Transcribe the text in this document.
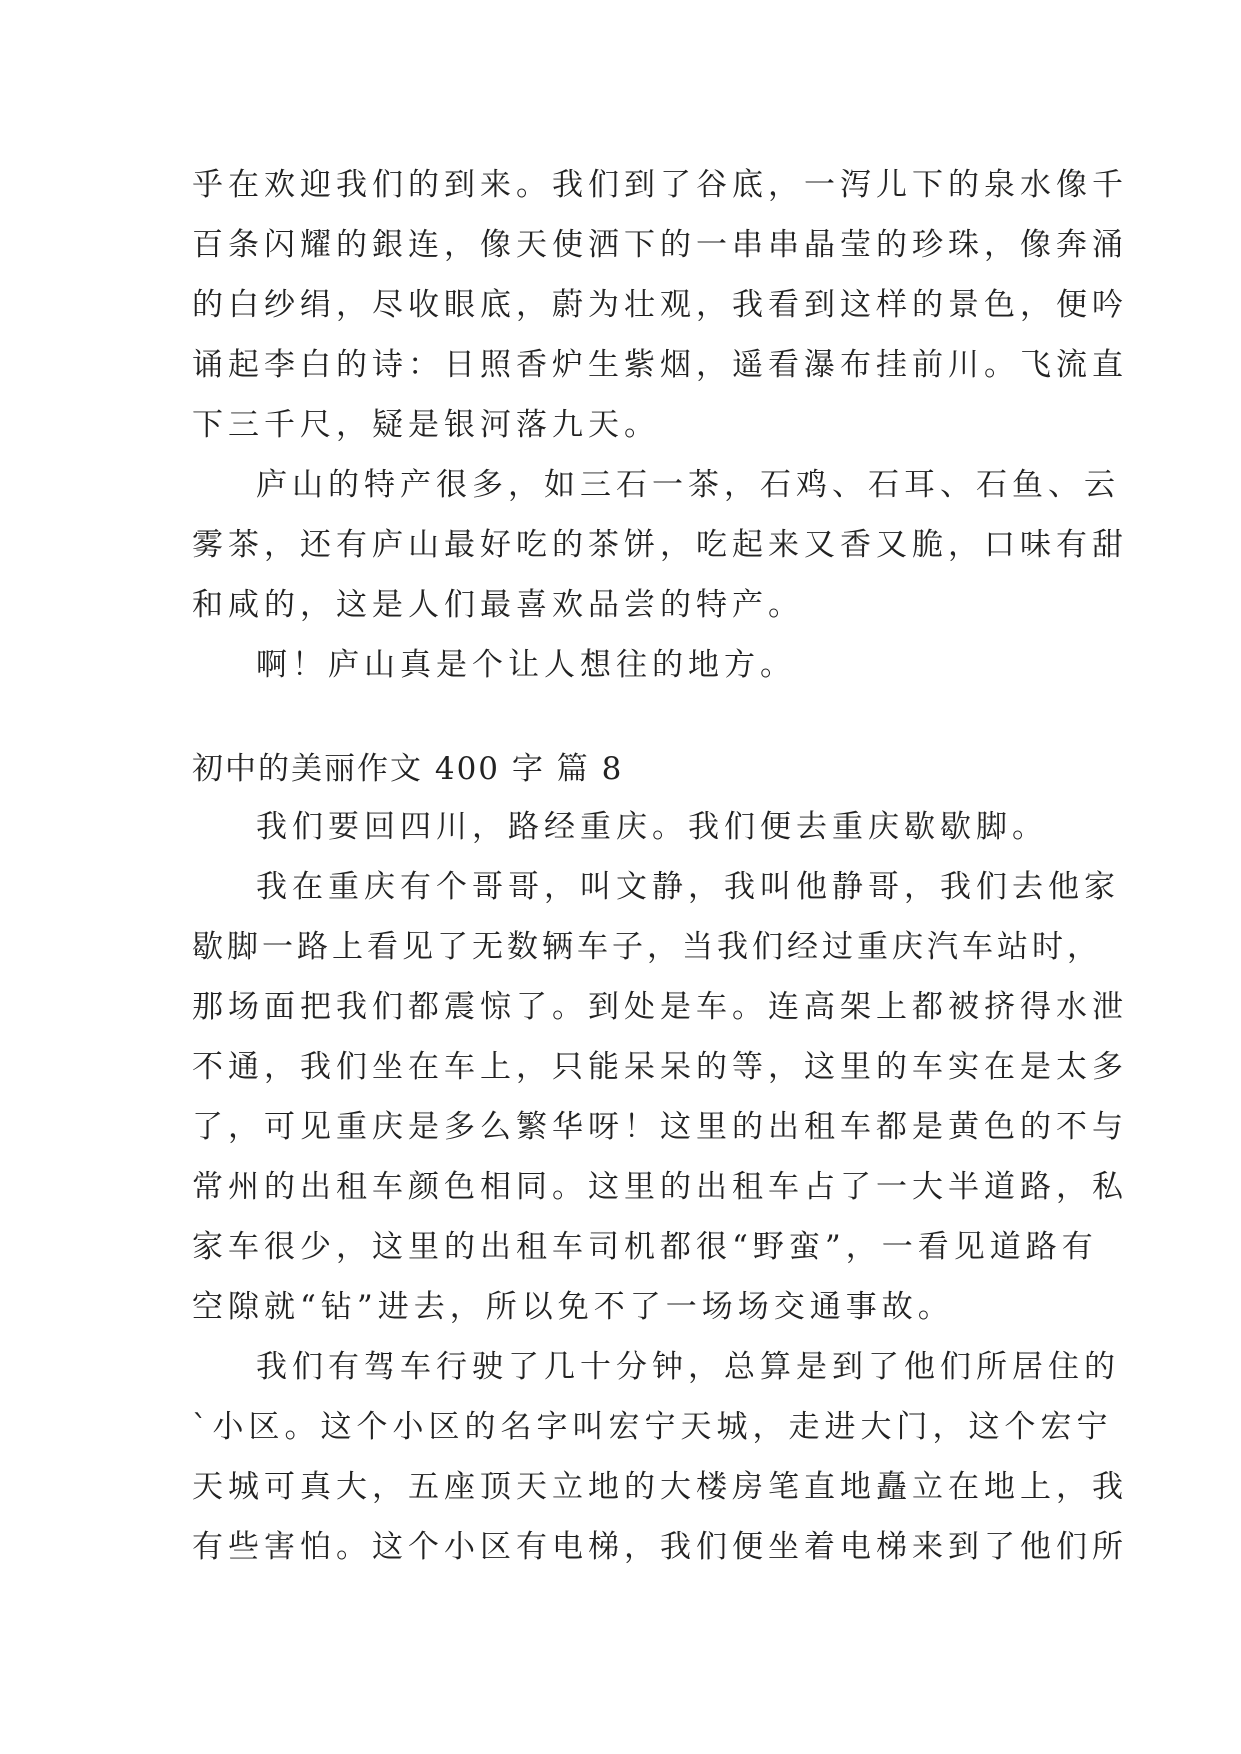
乎在欢迎我们的到来。我们到了谷底，一泻儿下的泉水像千
百条闪耀的銀连，像天使洒下的一串串晶莹的珍珠，像奔涌
的白纱绢，尽收眼底，蔚为壮观，我看到这样的景色，便吟
诵起李白的诗：日照香炉生紫烟，遥看瀑布挂前川。飞流直
下三千尺，疑是银河落九天。
庐山的特产很多，如三石一茶，石鸡、石耳、石鱼、云
雾茶，还有庐山最好吃的茶饼，吃起来又香又脆，口味有甜
和咸的，这是人们最喜欢品尝的特产。
啊！庐山真是个让人想往的地方。
初中的美丽作文 400 字 篇 8
我们要回四川，路经重庆。我们便去重庆歇歇脚。
我在重庆有个哥哥，叫文静，我叫他静哥，我们去他家
歇脚一路上看见了无数辆车子，当我们经过重庆汽车站时，
那场面把我们都震惊了。到处是车。连高架上都被挤得水泄
不通，我们坐在车上，只能呆呆的等，这里的车实在是太多
了，可见重庆是多么繁华呀！这里的出租车都是黄色的不与
常州的出租车颜色相同。这里的出租车占了一大半道路，私
家车很少，这里的出租车司机都很“野蛮”，一看见道路有
空隙就“钻”进去，所以免不了一场场交通事故。
我们有驾车行驶了几十分钟，总算是到了他们所居住的
`小区。这个小区的名字叫宏宁天城，走进大门，这个宏宁
天城可真大，五座顶天立地的大楼房笔直地矗立在地上，我
有些害怕。这个小区有电梯，我们便坐着电梯来到了他们所
